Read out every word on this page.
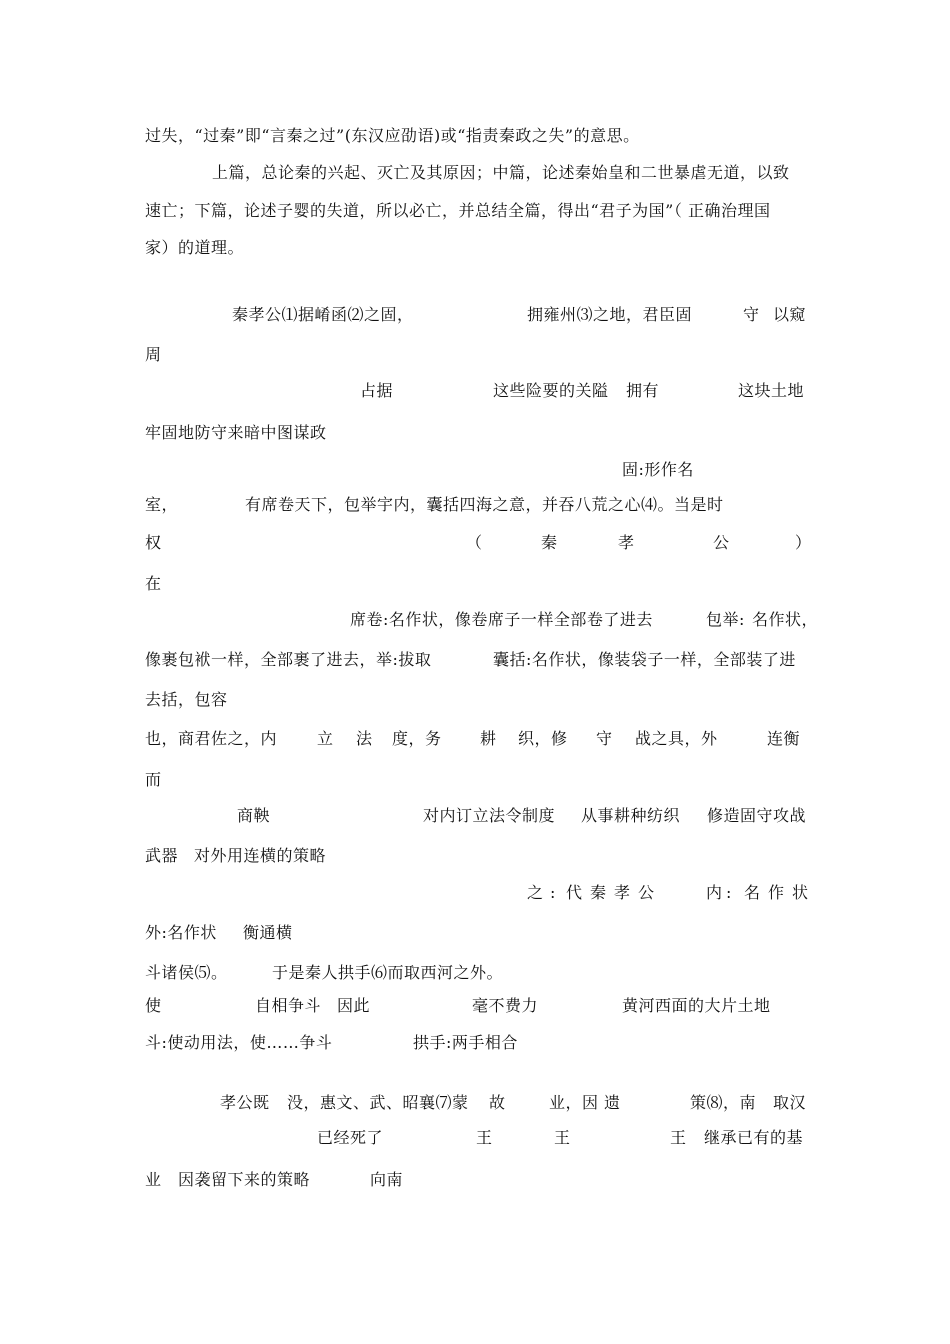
过失，“过秦”即“言秦之过”(东汉应劭语)或“指责秦政之失”的意思。
上篇，总论秦的兴起、灭亡及其原因；中篇，论述秦始皇和二世暴虐无道，以致
速亡；下篇，论述子婴的失道，所以必亡，并总结全篇，得出“君子为国”（ 正确治理国
家）的道理。
秦孝公⑴据崤函⑵之固，	拥雍州⑶之地，君臣固	守 以窥
周
占据	这些险要的关隘 拥有	这块土地
牢固地防守来暗中图谋政
固:形作名
室，	有席卷天下，包举宇内，囊括四海之意，并吞八荒之心⑷。当是时
权	（	秦	孝	公	）
在
席卷:名作状，像卷席子一样全部卷了进去	包举: 名作状，
像裹包袱一样，全部裹了进去，举:拔取	囊括:名作状，像装袋子一样，全部装了进
去括，包容
也，商君佐之，内 立 法 度，务 耕 织，修 守 战之具，外	连衡
而
商鞅	对内订立法令制度 从事耕种纺织 修造固守攻战
武器 对外用连横的策略
之 : 代 秦 孝 公	内 : 名 作 状
外:名作状 衡通横
斗诸侯⑸。	于是秦人拱手⑹而取西河之外。
使	自相争斗 因此	毫不费力	黄河西面的大片土地
斗:使动用法，使……争斗	拱手:两手相合
孝公既 没，惠文、武、昭襄⑺蒙 故	业，因 遗	策⑻，南 取汉
已经死了	王	王	王 继承已有的基
业 因袭留下来的策略	向南
